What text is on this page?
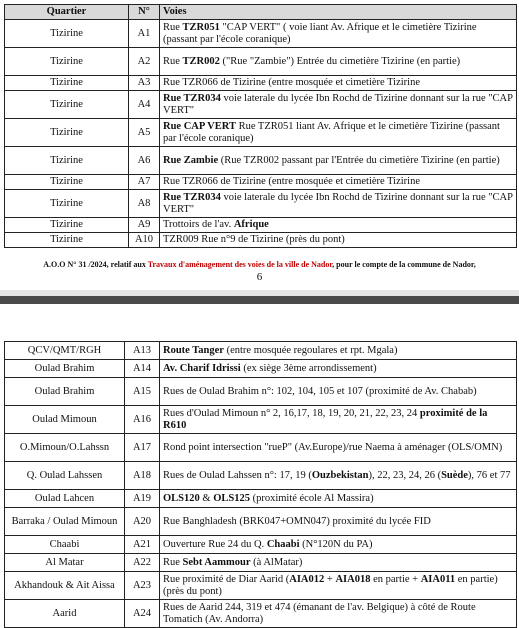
Quartier	N°	Voies
Tizirine	A1	Rue TZR051 "CAP VERT" ( voie liant Av. Afrique et le cimetière Tizirine (passant par l'école coranique)
Tizirine	A2	Rue TZR002 ("Rue "Zambie") Entrée du cimetière Tizirine (en partie)
Tizirine	A3	Rue TZR066 de Tizirine (entre mosquée et cimetière Tizirine
Tizirine	A4	Rue TZR034 voie laterale du lycée Ibn Rochd de Tizirine donnant sur la rue "CAP VERT"
Tizirine	A5	Rue CAP VERT Rue TZR051 liant Av. Afrique et le cimetière Tizirine (passant par l'école coranique)
Tizirine	A6	Rue Zambie (Rue TZR002 passant par l'Entrée du cimetière Tizirine (en partie)
Tizirine	A7	Rue TZR066 de Tizirine (entre mosquée et cimetière Tizirine
Tizirine	A8	Rue TZR034 voie laterale du lycée Ibn Rochd de Tizirine donnant sur la rue "CAP VERT"
Tizirine	A9	Trottoirs de l'av. Afrique
Tizirine	A10	TZR009 Rue n°9 de Tizirine (près du pont)
A.O.O N° 31 /2024, relatif aux Travaux d'aménagement des voies de la ville de Nador, pour le compte de la commune de Nador,
6
QCV/QMT/RGH	A13	Route Tanger (entre mosquée regoulares et rpt. Mgala)
Oulad Brahim	A14	Av. Charif Idrissi (ex siège 3ème arrondissement)
Oulad Brahim	A15	Rues de Oulad Brahim n°: 102, 104, 105 et 107 (proximité de Av. Chabab)
Oulad Mimoun	A16	Rues d'Oulad Mimoun n° 2, 16,17, 18, 19, 20, 21, 22, 23, 24 proximité de la R610
O.Mimoun/O.Lahssn	A17	Rond point intersection "rueP" (Av.Europe)/rue Naema à aménager (OLS/OMN)
Q. Oulad Lahssen	A18	Rues de Oulad Lahssen n°: 17, 19 (Ouzbekistan), 22, 23, 24, 26 (Suède), 76 et 77
Oulad Lahcen	A19	OLS120 & OLS125 (proximité école Al Massira)
Barraka / Oulad Mimoun	A20	Rue Banghladesh (BRK047+OMN047) proximité du lycée FID
Chaabi	A21	Ouverture Rue 24 du Q. Chaabi (N°120N du PA)
Al Matar	A22	Rue Sebt Aammour (à AlMatar)
Akhandouk & Ait Aissa	A23	Rue proximité de Diar Aarid (AIA012 + AIA018 en partie + AIA011 en partie) (près du pont)
Aarid	A24	Rues de Aarid 244, 319 et 474 (émanant de l'av. Belgique) à côté de Route Tomatich (Av. Andorra)
